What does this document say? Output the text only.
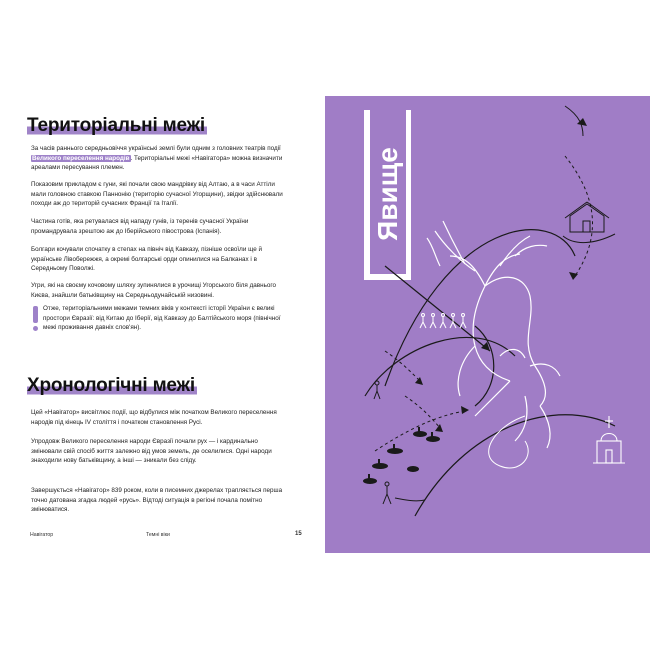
Територіальні межі
За часів раннього середньовіччя українські землі були одним з головних театрів події Великого переселення народів. Територіальні межі «Навігатора» можна визначити ареалами пересування племен.
Показовим прикладом є гуни, які почали свою мандрівку від Алтаю, а в часи Аттіли мали головною ставкою Паннонію (територію сучасної Угорщини), звідки здійснювали походи аж до територій сучасних Франції та Італії.
Частина готів, яка ретувалася від нападу гунів, із теренів сучасної України промандрувала зрештою аж до Іберійського півострова (Іспанія).
Болгари кочували спочатку в степах на північ від Кавказу, пізніше освоїли ще й українське Лівобережжя, а окремі болгарські орди опинилися на Балканах і в Середньому Поволжі.
Угри, які на своєму кочовому шляху зупинялися в урочищі Угорського біля давнього Києва, знайшли батьківщину на Середньодунайській низовині.
Отже, територіальними межами темних віків у контексті історії України є великі простори Євразії: від Китаю до Іберії, від Кавказу до Балтійського моря (північної межі проживання давніх слов'ян).
Хронологічні межі
Цей «Навігатор» висвітлює події, що відбулися між початком Великого переселення народів під кінець IV століття і початком становлення Русі.
Упродовж Великого переселення народи Євразії почали рух — і кардинально змінювали свій спосіб життя залежно від умов земель, де оселилися. Одні народи знаходили нову батьківщину, а інші — зникали без сліду.
Завершується «Навігатор» 839 роком, коли в писемних джерелах трапляється перша точно датована згадка людей «русь». Відтоді ситуація в регіоні почала помітно змінюватися.
Навігатор	Темні віки	15
Явище
